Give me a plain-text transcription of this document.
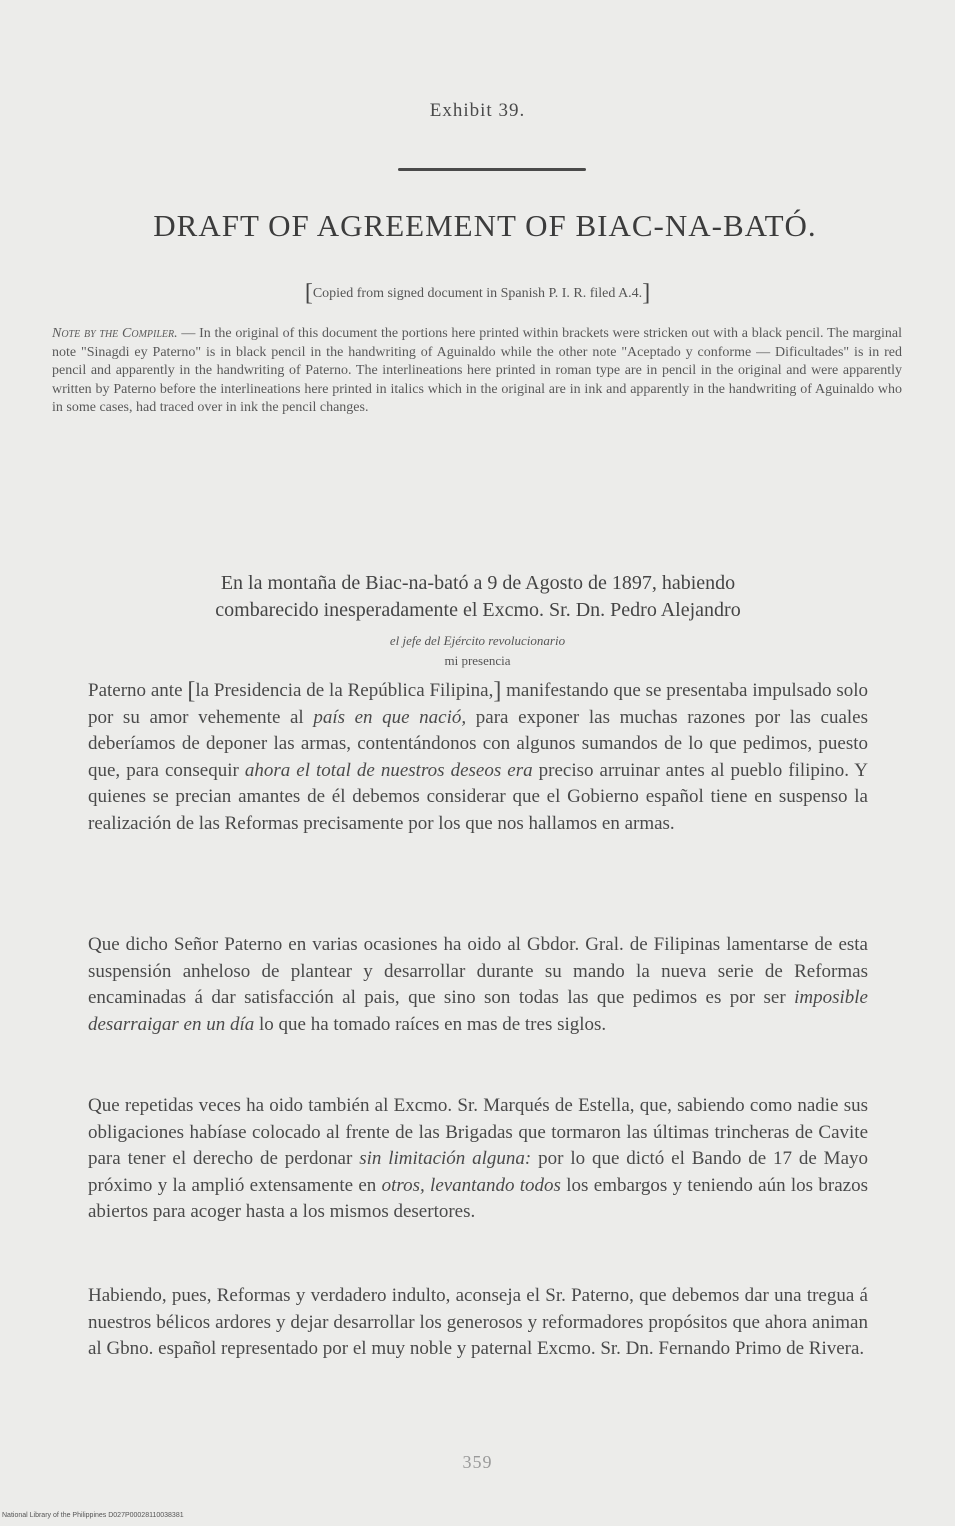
Exhibit 39.
DRAFT OF AGREEMENT OF BIAC-NA-BATÓ.
[Copied from signed document in Spanish P. I. R. filed A.4.]
Note by the Compiler. — In the original of this document the portions here printed within brackets were stricken out with a black pencil. The marginal note "Sinagdi ey Paterno" is in black pencil in the handwriting of Aguinaldo while the other note "Aceptado y conforme — Dificultades" is in red pencil and apparently in the handwriting of Paterno. The interlineations here printed in roman type are in pencil in the original and were apparently written by Paterno before the interlineations here printed in italics which in the original are in ink and apparently in the handwriting of Aguinaldo who in some cases, had traced over in ink the pencil changes.
En la montaña de Biac-na-bató a 9 de Agosto de 1897, habiendo
combarecido inesperadamente el Excmo. Sr. Dn. Pedro Alejandro
el jefe del Ejército revolucionario
mi presencia
Paterno ante [la Presidencia de la República Filipina,] manifestando que se presentaba impulsado solo por su amor vehemente al país en que nació, para exponer las muchas razones por las cuales deberíamos de deponer las armas, contentándonos con algunos sumandos de lo que pedimos, puesto que, para consequir ahora el total de nuestros deseos era preciso arruinar antes al pueblo filipino. Y quienes se precian amantes de él debemos considerar que el Gobierno español tiene en suspenso la realización de las Reformas precisamente por los que nos hallamos en armas.
Que dicho Señor Paterno en varias ocasiones ha oido al Gbdor. Gral. de Filipinas lamentarse de esta suspensión anheloso de plantear y desarrollar durante su mando la nueva serie de Reformas encaminadas á dar satisfacción al pais, que sino son todas las que pedimos es por ser imposible desarraigar en un día lo que ha tomado raíces en mas de tres siglos.
Que repetidas veces ha oido también al Excmo. Sr. Marqués de Estella, que, sabiendo como nadie sus obligaciones habíase colocado al frente de las Brigadas que tormaron las últimas trincheras de Cavite para tener el derecho de perdonar sin limitación alguna: por lo que dictó el Bando de 17 de Mayo próximo y la amplió extensamente en otros, levantando todos los embargos y teniendo aún los brazos abiertos para acoger hasta a los mismos desertores.
Habiendo, pues, Reformas y verdadero indulto, aconseja el Sr. Paterno, que debemos dar una tregua á nuestros bélicos ardores y dejar desarrollar los generosos y reformadores propósitos que ahora animan al Gbno. español representado por el muy noble y paternal Excmo. Sr. Dn. Fernando Primo de Rivera.
359
National Library of the Philippines D027P00028110038381
